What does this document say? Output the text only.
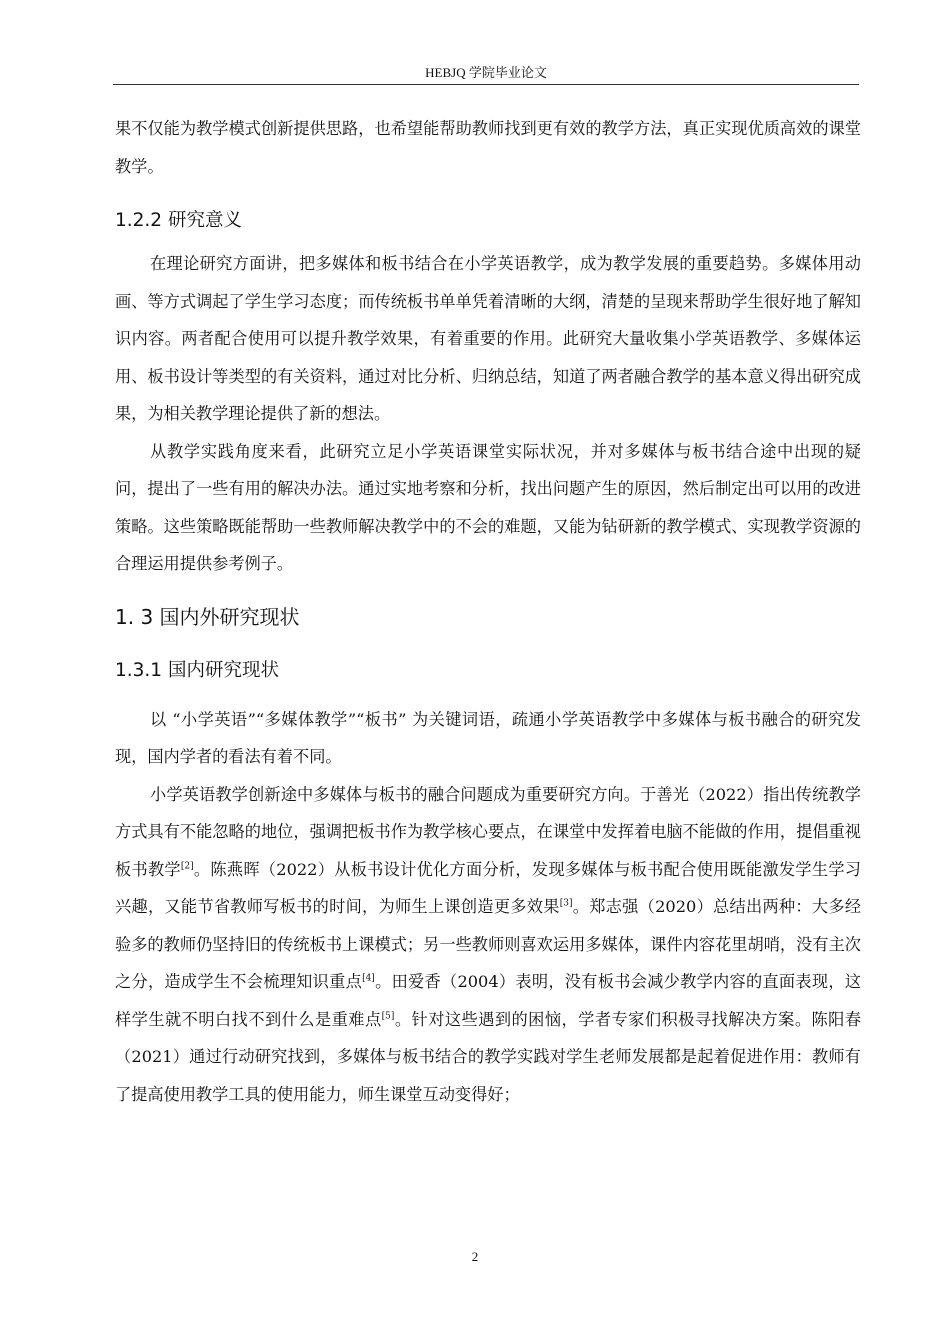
HEBJQ 学院毕业论文

果不仅能为教学模式创新提供思路，也希望能帮助教师找到更有效的教学方法，真正实现优质高效的课堂教学。

1.2.2 研究意义

在理论研究方面讲，把多媒体和板书结合在小学英语教学，成为教学发展的重要趋势。多媒体用动画、等方式调起了学生学习态度；而传统板书单单凭着清晰的大纲，清楚的呈现来帮助学生很好地了解知识内容。两者配合使用可以提升教学效果，有着重要的作用。此研究大量收集小学英语教学、多媒体运用、板书设计等类型的有关资料，通过对比分析、归纳总结，知道了两者融合教学的基本意义得出研究成果，为相关教学理论提供了新的想法。

从教学实践角度来看，此研究立足小学英语课堂实际状况，并对多媒体与板书结合途中出现的疑问，提出了一些有用的解决办法。通过实地考察和分析，找出问题产生的原因，然后制定出可以用的改进策略。这些策略既能帮助一些教师解决教学中的不会的难题，又能为钻研新的教学模式、实现教学资源的合理运用提供参考例子。

1. 3 国内外研究现状
1.3.1 国内研究现状

以 “小学英语”“多媒体教学”“板书” 为关键词语，疏通小学英语教学中多媒体与板书融合的研究发现，国内学者的看法有着不同。

小学英语教学创新途中多媒体与板书的融合问题成为重要研究方向。于善光（2022）指出传统教学方式具有不能忽略的地位，强调把板书作为教学核心要点，在课堂中发挥着电脑不能做的作用，提倡重视板书教学[2]。陈燕晖（2022）从板书设计优化方面分析，发现多媒体与板书配合使用既能激发学生学习兴趣，又能节省教师写板书的时间，为师生上课创造更多效果[3]。郑志强（2020）总结出两种：大多经验多的教师仍坚持旧的传统板书上课模式；另一些教师则喜欢运用多媒体，课件内容花里胡哨，没有主次之分，造成学生不会梳理知识重点[4]。田爱香（2004）表明，没有板书会减少教学内容的直面表现，这样学生就不明白找不到什么是重难点[5]。针对这些遇到的困恼，学者专家们积极寻找解决方案。陈阳春（2021）通过行动研究找到，多媒体与板书结合的教学实践对学生老师发展都是起着促进作用：教师有了提高使用教学工具的使用能力，师生课堂互动变得好；

2
